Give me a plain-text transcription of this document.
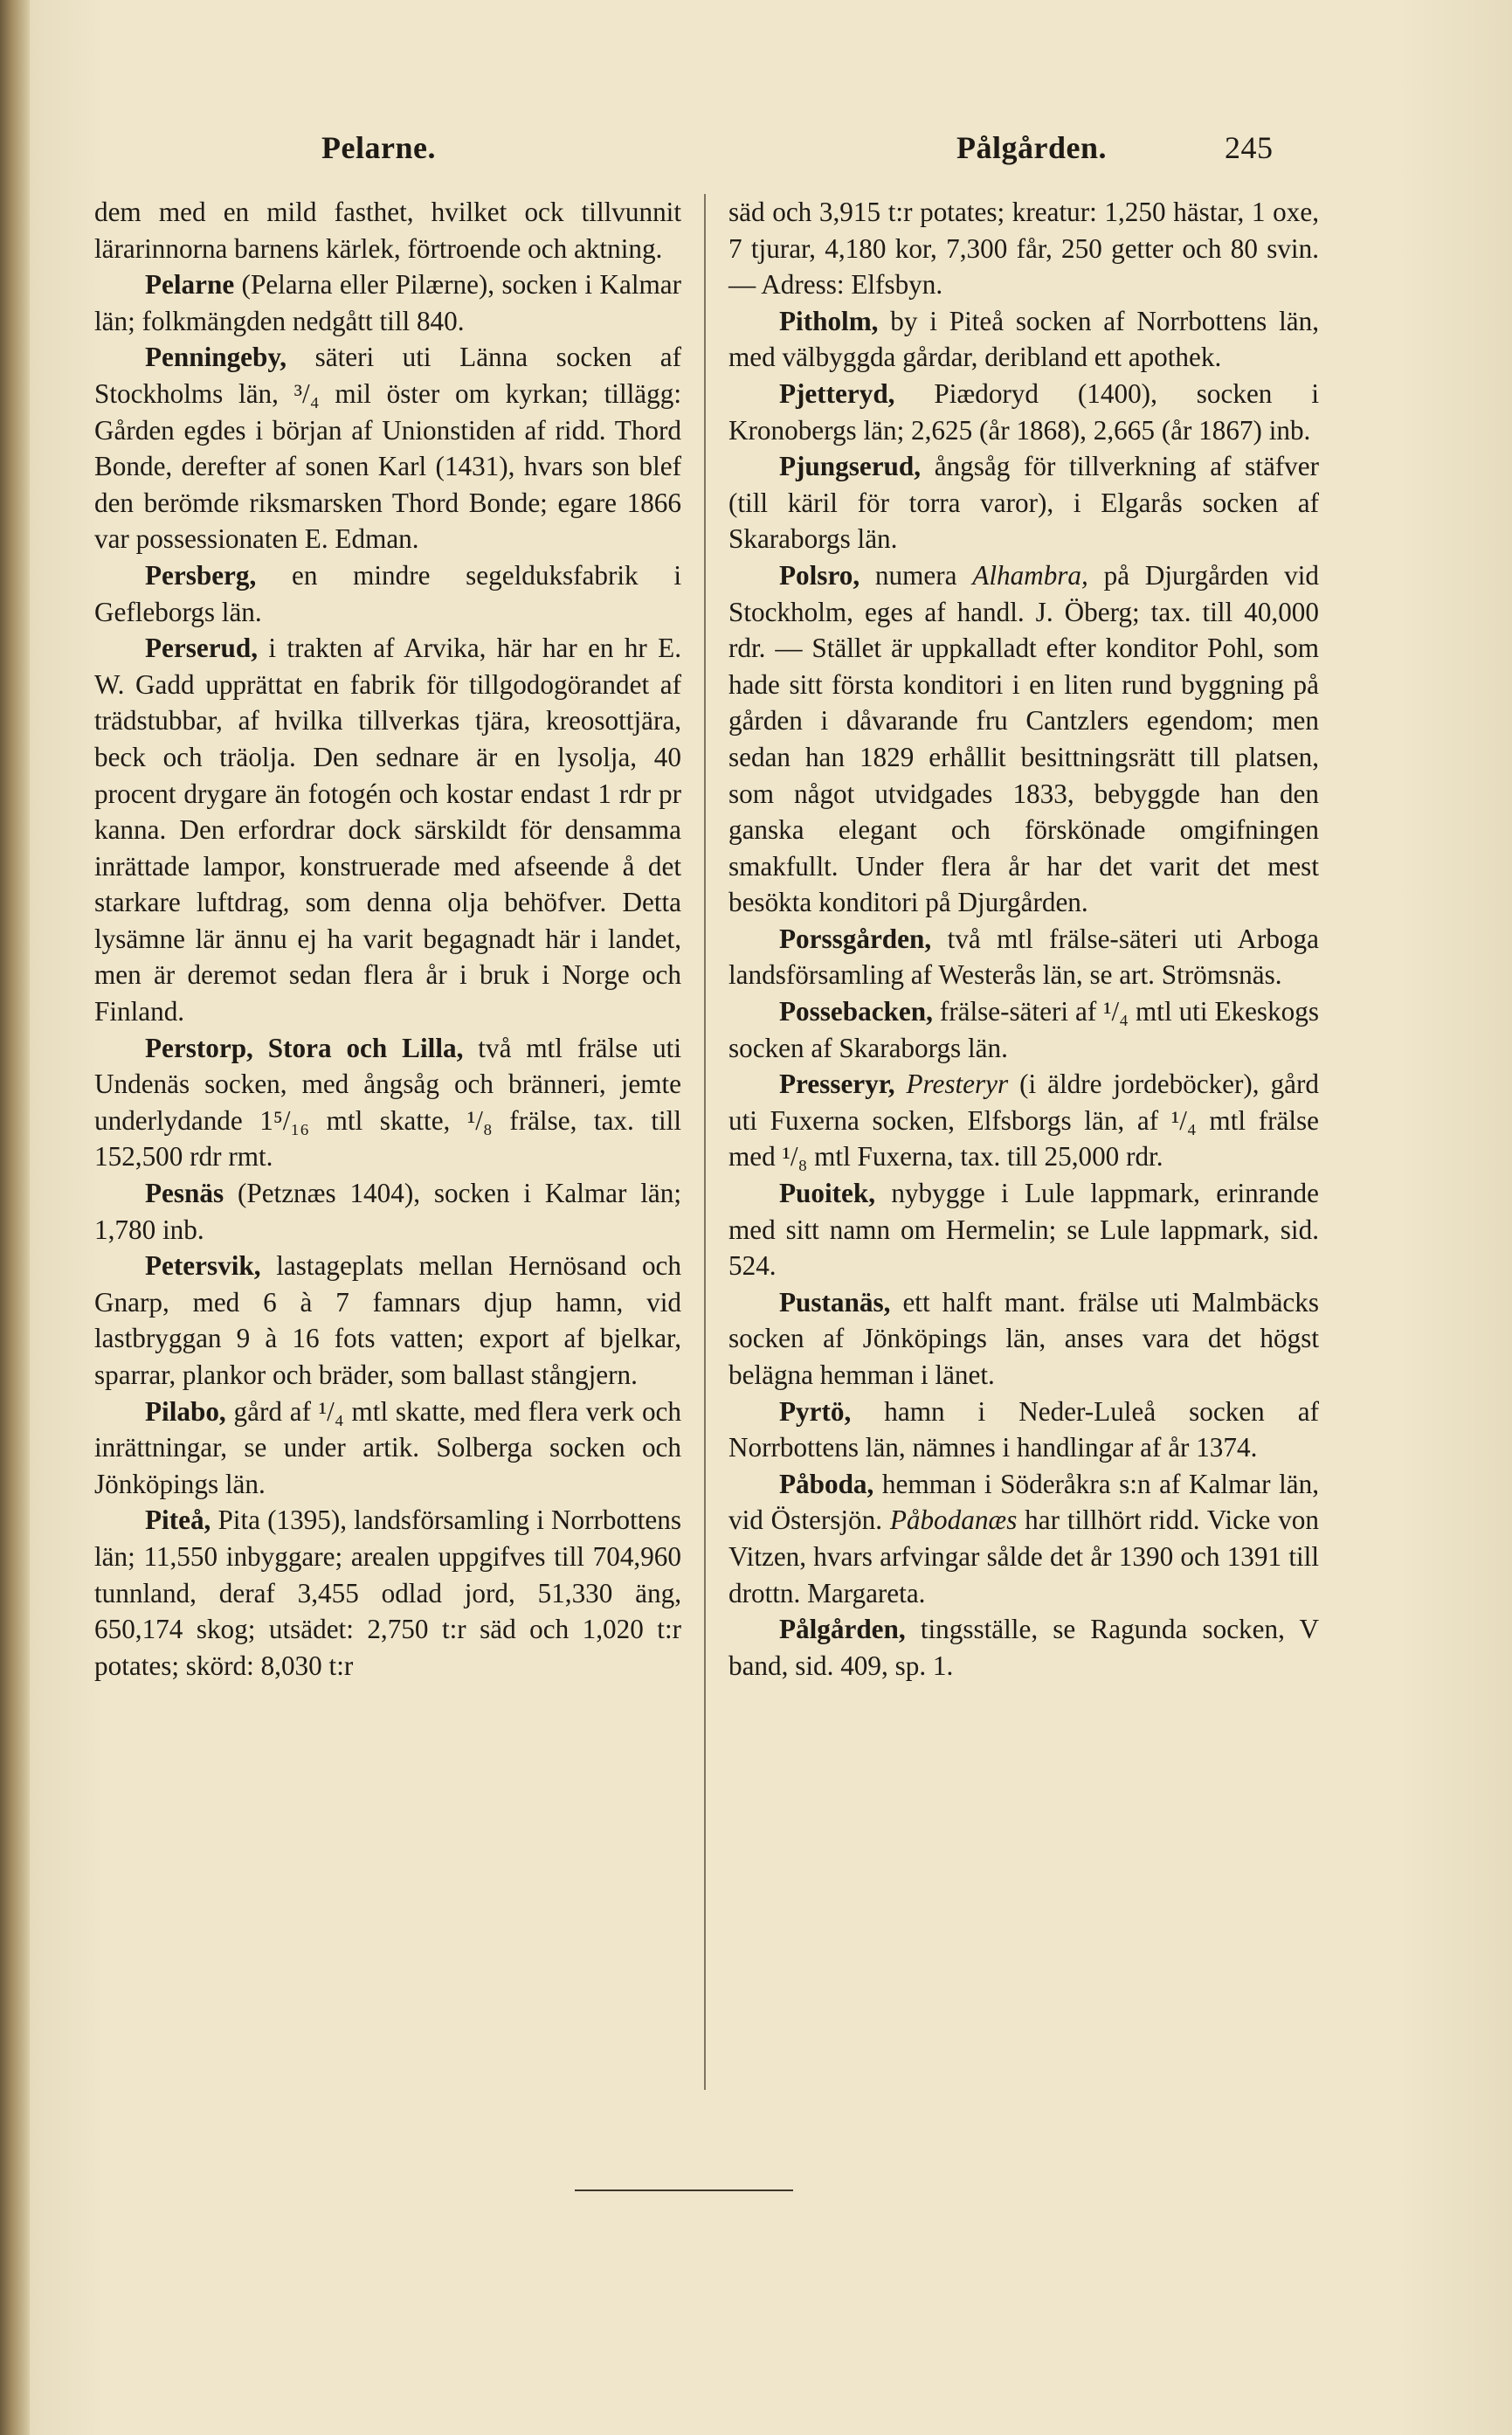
Pelarne.	Pålgården.	245

dem med en mild fasthet, hvilket ock tillvunnit lärarinnorna barnens kärlek, förtroende och aktning.

Pelarne (Pelarna eller Pilærne), socken i Kalmar län; folkmängden nedgått till 840.

Penningeby, säteri uti Länna socken af Stockholms län, ³/₄ mil öster om kyrkan; tillägg: Gården egdes i början af Unionstiden af ridd. Thord Bonde, derefter af sonen Karl (1431), hvars son blef den berömde riksmarsken Thord Bonde; egare 1866 var possessionaten E. Edman.

Persberg, en mindre segelduksfabrik i Gefleborgs län.

Perserud, i trakten af Arvika, här har en hr E. W. Gadd upprättat en fabrik för tillgodogörandet af trädstubbar, af hvilka tillverkas tjära, kreosottjära, beck och träolja. Den sednare är en lysolja, 40 procent drygare än fotogén och kostar endast 1 rdr pr kanna. Den erfordrar dock särskildt för densamma inrättade lampor, konstruerade med afseende å det starkare luftdrag, som denna olja behöfver. Detta lysämne lär ännu ej ha varit begagnadt här i landet, men är deremot sedan flera år i bruk i Norge och Finland.

Perstorp, Stora och Lilla, två mtl frälse uti Undenäs socken, med ångsåg och bränneri, jemte underlydande 1⁵/₁₆ mtl skatte, ¹/₈ frälse, tax. till 152,500 rdr rmt.

Pesnäs (Petznæs 1404), socken i Kalmar län; 1,780 inb.

Petersvik, lastageplats mellan Hernösand och Gnarp, med 6 à 7 famnars djup hamn, vid lastbryggan 9 à 16 fots vatten; export af bjelkar, sparrar, plankor och bräder, som ballast stångjern.

Pilabo, gård af ¹/₄ mtl skatte, med flera verk och inrättningar, se under artik. Solberga socken och Jönköpings län.

Piteå, Pita (1395), landsförsamling i Norrbottens län; 11,550 inbyggare; arealen uppgifves till 704,960 tunnland, deraf 3,455 odlad jord, 51,330 äng, 650,174 skog; utsädet: 2,750 t:r säd och 1,020 t:r potates; skörd: 8,030 t:r

säd och 3,915 t:r potates; kreatur: 1,250 hästar, 1 oxe, 7 tjurar, 4,180 kor, 7,300 får, 250 getter och 80 svin. — Adress: Elfsbyn.

Pitholm, by i Piteå socken af Norrbottens län, med välbyggda gårdar, deribland ett apothek.

Pjetteryd, Piædoryd (1400), socken i Kronobergs län; 2,625 (år 1868), 2,665 (år 1867) inb.

Pjungserud, ångsåg för tillverkning af stäfver (till käril för torra varor), i Elgarås socken af Skaraborgs län.

Polsro, numera Alhambra, på Djurgården vid Stockholm, eges af handl. J. Öberg; tax. till 40,000 rdr. — Stället är uppkalladt efter konditor Pohl, som hade sitt första konditori i en liten rund byggning på gården i dåvarande fru Cantzlers egendom; men sedan han 1829 erhållit besittningsrätt till platsen, som något utvidgades 1833, bebyggde han den ganska elegant och förskönade omgifningen smakfullt. Under flera år har det varit det mest besökta konditori på Djurgården.

Porssgården, två mtl frälse-säteri uti Arboga landsförsamling af Westerås län, se art. Strömsnäs.

Possebacken, frälse-säteri af ¹/₄ mtl uti Ekeskogs socken af Skaraborgs län.

Presseryr, Presteryr (i äldre jordeböcker), gård uti Fuxerna socken, Elfsborgs län, af ¹/₄ mtl frälse med ¹/₈ mtl Fuxerna, tax. till 25,000 rdr.

Puoitek, nybygge i Lule lappmark, erinrande med sitt namn om Hermelin; se Lule lappmark, sid. 524.

Pustanäs, ett halft mant. frälse uti Malmbäcks socken af Jönköpings län, anses vara det högst belägna hemman i länet.

Pyrtö, hamn i Neder-Luleå socken af Norrbottens län, nämnes i handlingar af år 1374.

Påboda, hemman i Söderåkra s:n af Kalmar län, vid Östersjön. Påbodanæs har tillhört ridd. Vicke von Vitzen, hvars arfvingar sålde det år 1390 och 1391 till drottn. Margareta.

Pålgården, tingsställe, se Ragunda socken, V band, sid. 409, sp. 1.
